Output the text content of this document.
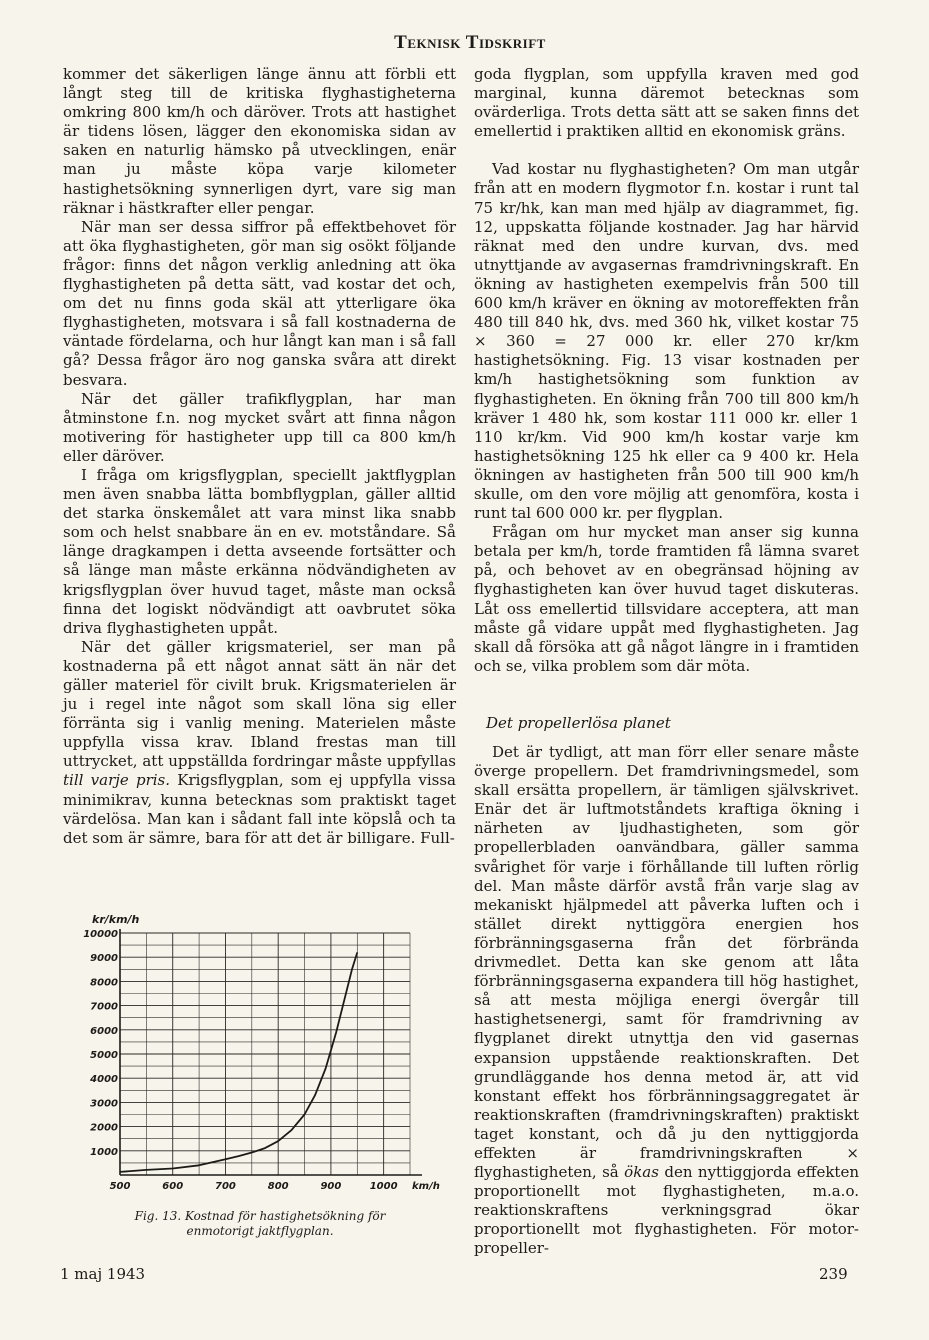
Teknisk Tidskrift

kommer det säkerligen länge ännu att förbli ett långt steg till de kritiska flyghastigheterna omkring 800 km/h och däröver. Trots att hastighet är tidens lösen, lägger den ekonomiska sidan av saken en naturlig hämsko på utvecklingen, enär man ju måste köpa varje kilometer hastighetsökning synnerligen dyrt, vare sig man räknar i hästkrafter eller pengar.

När man ser dessa siffror på effektbehovet för att öka flyghastigheten, gör man sig osökt följande frågor: finns det någon verklig anledning att öka flyghastigheten på detta sätt, vad kostar det och, om det nu finns goda skäl att ytterligare öka flyghastigheten, motsvara i så fall kostnaderna de väntade fördelarna, och hur långt kan man i så fall gå? Dessa frågor äro nog ganska svåra att direkt besvara.

När det gäller trafikflygplan, har man åtminstone f.n. nog mycket svårt att finna någon motivering för hastigheter upp till ca 800 km/h eller däröver.

I fråga om krigsflygplan, speciellt jaktflygplan men även snabba lätta bombflygplan, gäller alltid det starka önskemålet att vara minst lika snabb som och helst snabbare än en ev. motståndare. Så länge dragkampen i detta avseende fortsätter och så länge man måste erkänna nödvändigheten av krigsflygplan över huvud taget, måste man också finna det logiskt nödvändigt att oavbrutet söka driva flyghastigheten uppåt.

När det gäller krigsmateriel, ser man på kostnaderna på ett något annat sätt än när det gäller materiel för civilt bruk. Krigsmaterielen är ju i regel inte något som skall löna sig eller förränta sig i vanlig mening. Materielen måste uppfylla vissa krav. Ibland frestas man till uttrycket, att uppställda fordringar måste uppfyllas till varje pris. Krigsflygplan, som ej uppfylla vissa minimikrav, kunna betecknas som praktiskt taget värdelösa. Man kan i sådant fall inte köpslå och ta det som är sämre, bara för att det är billigare. Full-

goda flygplan, som uppfylla kraven med god marginal, kunna däremot betecknas som ovärderliga. Trots detta sätt att se saken finns det emellertid i praktiken alltid en ekonomisk gräns.

Vad kostar nu flyghastigheten? Om man utgår från att en modern flygmotor f.n. kostar i runt tal 75 kr/hk, kan man med hjälp av diagrammet, fig. 12, uppskatta följande kostnader. Jag har härvid räknat med den undre kurvan, dvs. med utnyttjande av avgasernas framdrivningskraft. En ökning av hastigheten exempelvis från 500 till 600 km/h kräver en ökning av motoreffekten från 480 till 840 hk, dvs. med 360 hk, vilket kostar 75 × 360 = 27 000 kr. eller 270 kr/km hastighetsökning. Fig. 13 visar kostnaden per km/h hastighetsökning som funktion av flyghastigheten. En ökning från 700 till 800 km/h kräver 1 480 hk, som kostar 111 000 kr. eller 1 110 kr/km. Vid 900 km/h kostar varje km hastighetsökning 125 hk eller ca 9 400 kr. Hela ökningen av hastigheten från 500 till 900 km/h skulle, om den vore möjlig att genomföra, kosta i runt tal 600 000 kr. per flygplan.

Frågan om hur mycket man anser sig kunna betala per km/h, torde framtiden få lämna svaret på, och behovet av en obegränsad höjning av flyghastigheten kan över huvud taget diskuteras. Låt oss emellertid tillsvidare acceptera, att man måste gå vidare uppåt med flyghastigheten. Jag skall då försöka att gå något längre in i framtiden och se, vilka problem som där möta.

Det propellerlösa planet

Det är tydligt, att man förr eller senare måste överge propellern. Det framdrivningsmedel, som skall ersätta propellern, är tämligen självskrivet. Enär det är luftmotståndets kraftiga ökning i närheten av ljudhastigheten, som gör propellerbladen oanvändbara, gäller samma svårighet för varje i förhållande till luften rörlig del. Man måste därför avstå från varje slag av mekaniskt hjälpmedel att påverka luften och i stället direkt nyttiggöra energien hos förbränningsgaserna från det förbrända drivmedlet. Detta kan ske genom att låta förbränningsgaserna expandera till hög hastighet, så att mesta möjliga energi övergår till hastighetsenergi, samt för framdrivning av flygplanet direkt utnyttja den vid gasernas expansion uppstående reaktionskraften. Det grundläggande hos denna metod är, att vid konstant effekt hos förbränningsaggregatet är reaktionskraften (framdrivningskraften) praktiskt taget konstant, och då ju den nyttiggjorda effekten är framdrivningskraften × flyghastigheten, så ökas den nyttiggjorda effekten proportionellt mot flyghastigheten, m.a.o. reaktionskraftens verkningsgrad ökar proportionellt mot flyghastigheten. För motor-propeller-

1000
2000
3000
4000
5000
6000
7000
8000
9000
10000
500	600	700	800	900	1000
kr/km/h
km/h
Fig. 13. Kostnad för hastighetsökning för enmotorigt jaktflygplan.
1 maj 1943	239
